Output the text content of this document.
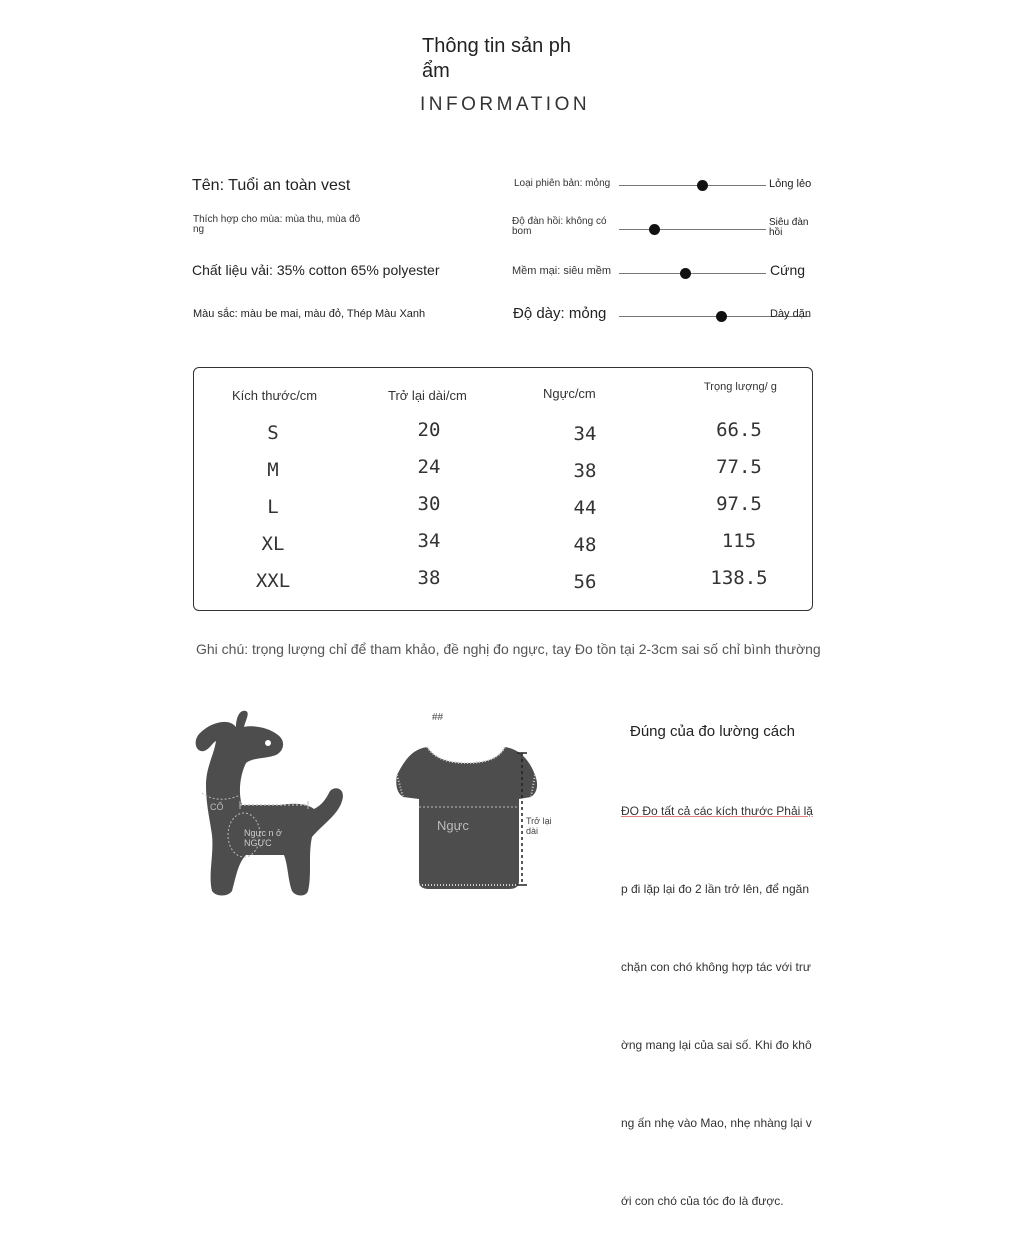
Thông tin sản ph ẩm
INFORMATION
Tên: Tuổi an toàn vest
Thích hợp cho mùa: mùa thu, mùa đô ng
Chất liệu vải: 35% cotton 65% polyester
Màu sắc: màu be mai, màu đỏ, Thép Màu Xanh
Loại phiên bản: mỏng	Lỏng lẻo
Độ đàn hồi: không có bom
Siêu đàn hồi
Mềm mại: siêu mềm	Cứng
Độ dày: mỏng	Dày dặn
Kích thước/cm	Trở lại dài/cm	Ngực/cm	Trọng lượng/ g
S	20	34	66.5
M	24	38	77.5
L	30	44	97.5
XL	34	48	115
XXL	38	56	138.5
Ghi chú: trọng lượng chỉ để tham khảo, đề nghị đo ngực, tay Đo tồn tại 2-3cm sai số chỉ bình thường
CỔ
Ngực n ở NGỰC
##
Ngực	Trở lại dài
Đúng của đo lường cách

ĐO Đo tất cả các kích thước Phải lặ

p đi lặp lại đo 2 lần trở lên, để ngăn

chặn con chó không hợp tác với trư

ờng mang lại của sai số. Khi đo khô

ng ấn nhẹ vào Mao, nhẹ nhàng lại v

ới con chó của tóc đo là được.
